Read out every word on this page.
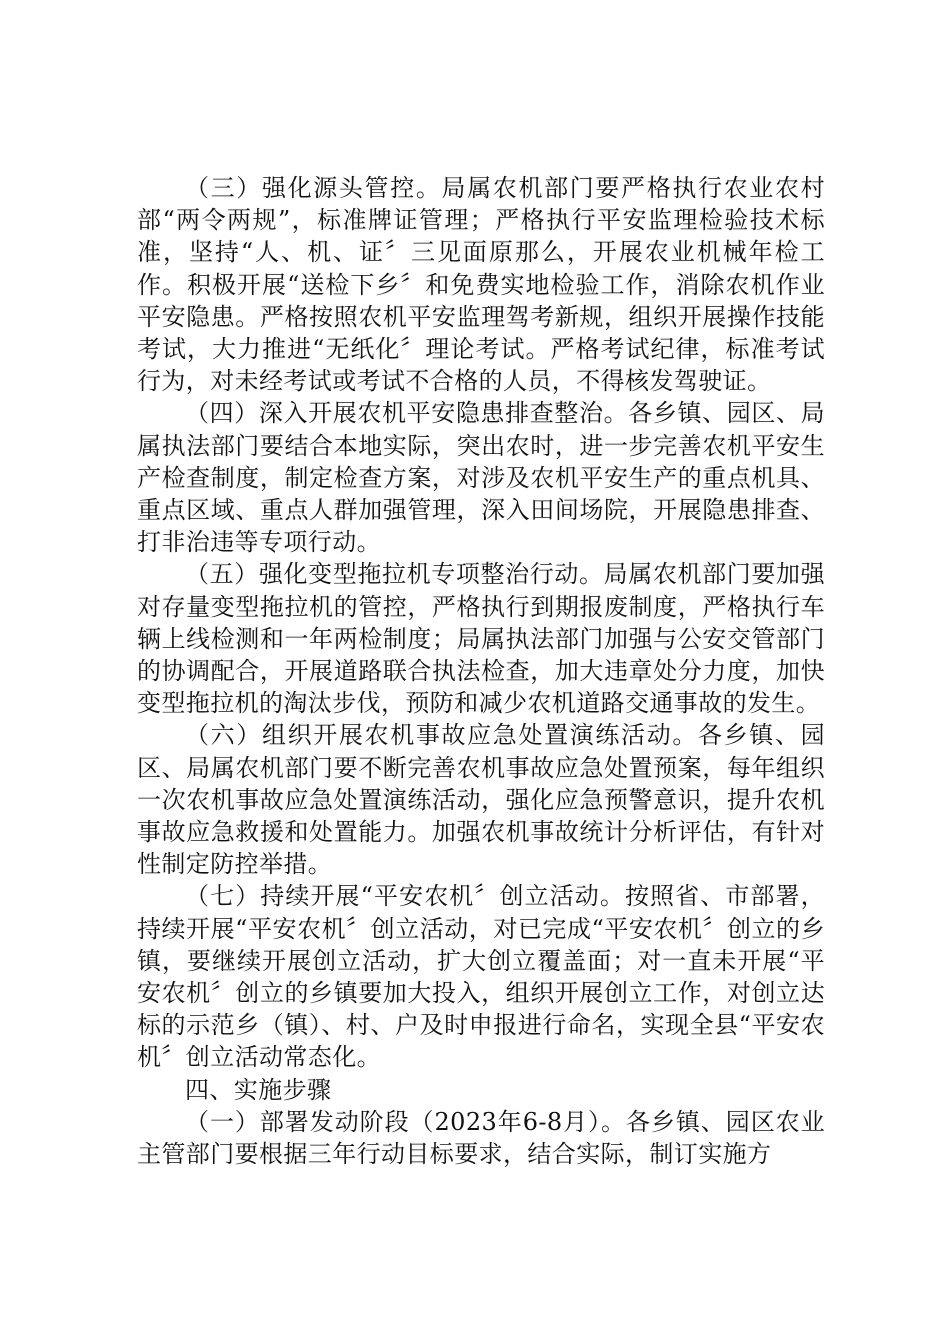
（三）强化源头管控。局属农机部门要严格执行农业农村部“两令两规”，标准牌证管理；严格执行平安监理检验技术标准，坚持“人、机、证〞三见面原那么，开展农业机械年检工作。积极开展“送检下乡〞和免费实地检验工作，消除农机作业平安隐患。严格按照农机平安监理驾考新规，组织开展操作技能考试，大力推进“无纸化〞理论考试。严格考试纪律，标准考试行为，对未经考试或考试不合格的人员，不得核发驾驶证。

（四）深入开展农机平安隐患排查整治。各乡镇、园区、局属执法部门要结合本地实际，突出农时，进一步完善农机平安生产检查制度，制定检查方案，对涉及农机平安生产的重点机具、重点区域、重点人群加强管理，深入田间场院，开展隐患排查、打非治违等专项行动。

（五）强化变型拖拉机专项整治行动。局属农机部门要加强对存量变型拖拉机的管控，严格执行到期报废制度，严格执行车辆上线检测和一年两检制度；局属执法部门加强与公安交管部门的协调配合，开展道路联合执法检查，加大违章处分力度，加快变型拖拉机的淘汰步伐，预防和减少农机道路交通事故的发生。

（六）组织开展农机事故应急处置演练活动。各乡镇、园区、局属农机部门要不断完善农机事故应急处置预案，每年组织一次农机事故应急处置演练活动，强化应急预警意识，提升农机事故应急救援和处置能力。加强农机事故统计分析评估，有针对性制定防控举措。

（七）持续开展“平安农机〞创立活动。按照省、市部署，持续开展“平安农机〞创立活动，对已完成“平安农机〞创立的乡镇，要继续开展创立活动，扩大创立覆盖面；对一直未开展“平安农机〞创立的乡镇要加大投入，组织开展创立工作，对创立达标的示范乡（镇）、村、户及时申报进行命名，实现全县“平安农机〞创立活动常态化。

四、实施步骤

（一）部署发动阶段（2023年6-8月）。各乡镇、园区农业主管部门要根据三年行动目标要求，结合实际，制订实施方
